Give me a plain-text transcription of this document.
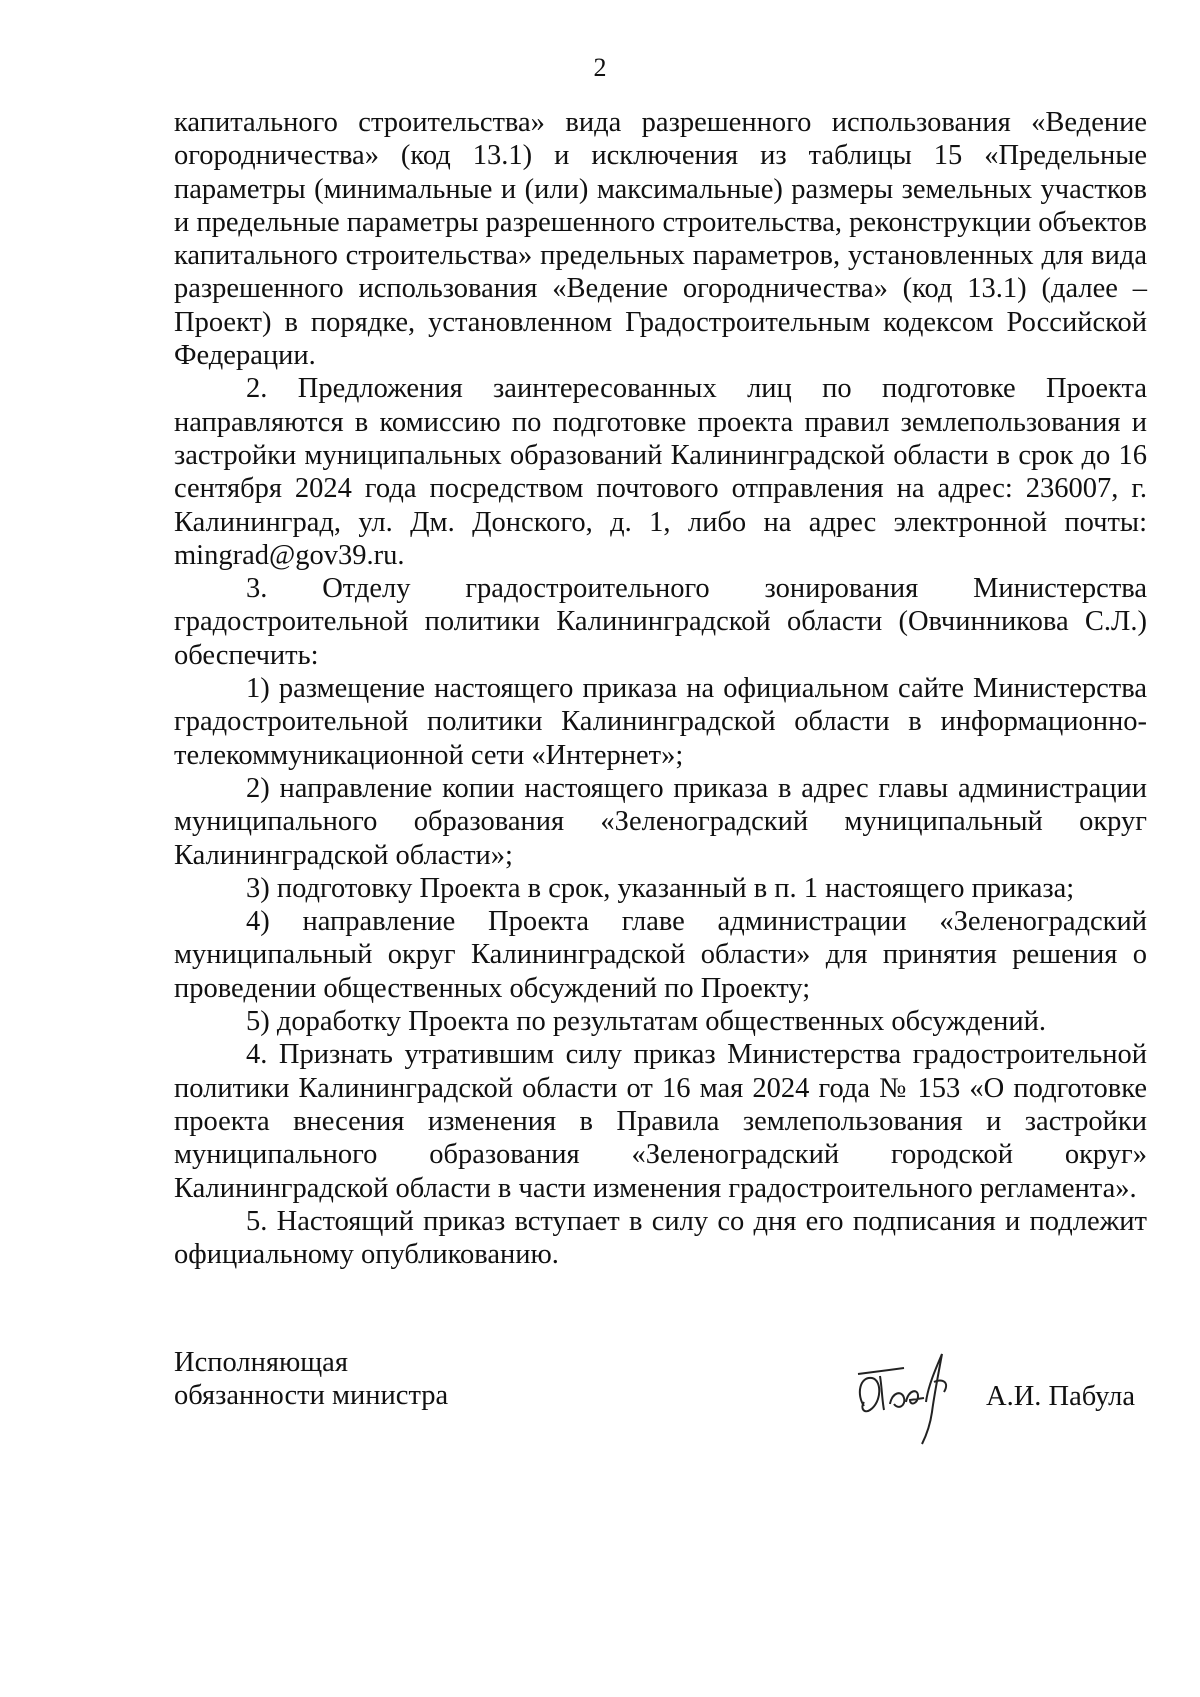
2

капитального строительства» вида разрешенного использования «Ведение огородничества» (код 13.1) и исключения из таблицы 15 «Предельные параметры (минимальные и (или) максимальные) размеры земельных участков и предельные параметры разрешенного строительства, реконструкции объектов капитального строительства» предельных параметров, установленных для вида разрешенного использования «Ведение огородничества» (код 13.1) (далее – Проект) в порядке, установленном Градостроительным кодексом Российской Федерации.

2. Предложения заинтересованных лиц по подготовке Проекта направляются в комиссию по подготовке проекта правил землепользования и застройки муниципальных образований Калининградской области в срок до 16 сентября 2024 года посредством почтового отправления на адрес: 236007, г. Калининград, ул. Дм. Донского, д. 1, либо на адрес электронной почты: mingrad@gov39.ru.

3. Отделу градостроительного зонирования Министерства градостроительной политики Калининградской области (Овчинникова С.Л.) обеспечить:

1) размещение настоящего приказа на официальном сайте Министерства градостроительной политики Калининградской области в информационно-телекоммуникационной сети «Интернет»;

2) направление копии настоящего приказа в адрес главы администрации муниципального образования «Зеленоградский муниципальный округ Калининградской области»;

3) подготовку Проекта в срок, указанный в п. 1 настоящего приказа;

4) направление Проекта главе администрации «Зеленоградский муниципальный округ Калининградской области» для принятия решения о проведении общественных обсуждений по Проекту;

5) доработку Проекта по результатам общественных обсуждений.

4. Признать утратившим силу приказ Министерства градостроительной политики Калининградской области от 16 мая 2024 года № 153 «О подготовке проекта внесения изменения в Правила землепользования и застройки муниципального образования «Зеленоградский городской округ» Калининградской области в части изменения градостроительного регламента».

5. Настоящий приказ вступает в силу со дня его подписания и подлежит официальному опубликованию.

Исполняющая
обязанности министра	А.И. Пабула
